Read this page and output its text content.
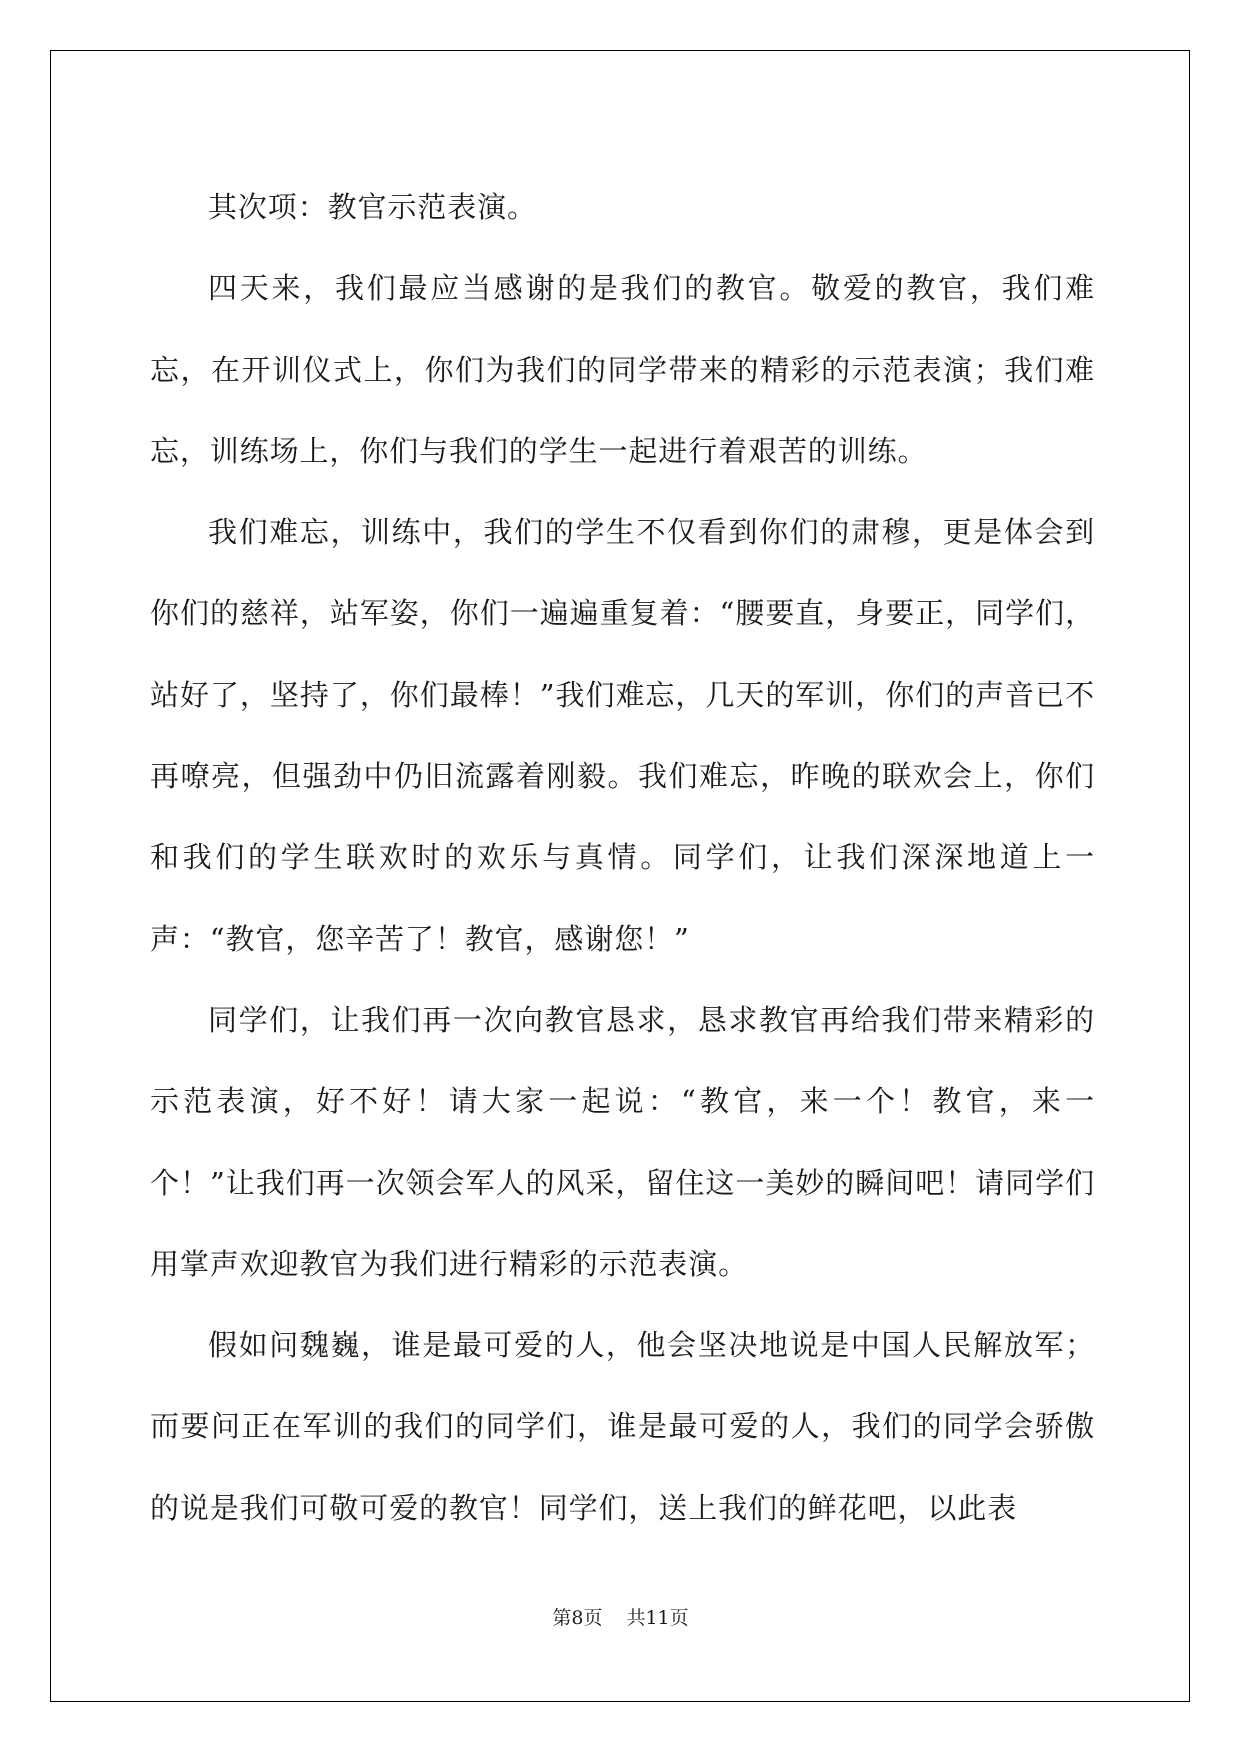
其次项：教官示范表演。

四天来，我们最应当感谢的是我们的教官。敬爱的教官，我们难忘，在开训仪式上，你们为我们的同学带来的精彩的示范表演；我们难忘，训练场上，你们与我们的学生一起进行着艰苦的训练。

我们难忘，训练中，我们的学生不仅看到你们的肃穆，更是体会到你们的慈祥，站军姿，你们一遍遍重复着：“腰要直，身要正，同学们，站好了，坚持了，你们最棒！”我们难忘，几天的军训，你们的声音已不再嘹亮，但强劲中仍旧流露着刚毅。我们难忘，昨晚的联欢会上，你们和我们的学生联欢时的欢乐与真情。同学们，让我们深深地道上一声：“教官，您辛苦了！教官，感谢您！”

同学们，让我们再一次向教官恳求，恳求教官再给我们带来精彩的示范表演，好不好！请大家一起说：“教官，来一个！教官，来一个！”让我们再一次领会军人的风采，留住这一美妙的瞬间吧！请同学们用掌声欢迎教官为我们进行精彩的示范表演。

假如问魏巍，谁是最可爱的人，他会坚决地说是中国人民解放军；而要问正在军训的我们的同学们，谁是最可爱的人，我们的同学会骄傲的说是我们可敬可爱的教官！同学们，送上我们的鲜花吧，以此表

第8页 共11页
